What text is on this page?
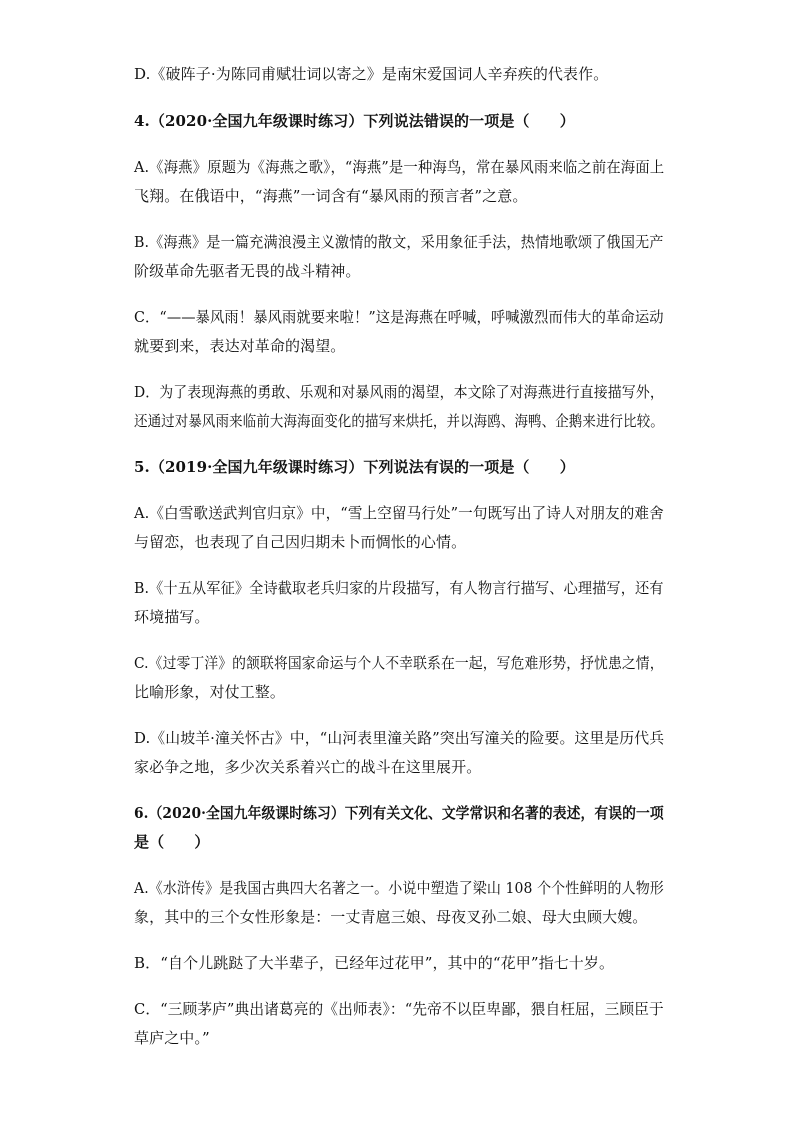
D.《破阵子·为陈同甫赋壮词以寄之》是南宋爱国词人辛弃疾的代表作。
4.（2020·全国九年级课时练习）下列说法错误的一项是（　　）
A.《海燕》原题为《海燕之歌》，“海燕”是一种海鸟，常在暴风雨来临之前在海面上
飞翔。在俄语中，“海燕”一词含有“暴风雨的预言者”之意。
B.《海燕》是一篇充满浪漫主义激情的散文，采用象征手法，热情地歌颂了俄国无产
阶级革命先驱者无畏的战斗精神。
C．“——暴风雨！暴风雨就要来啦！”这是海燕在呼喊，呼喊激烈而伟大的革命运动
就要到来，表达对革命的渴望。
D．为了表现海燕的勇敢、乐观和对暴风雨的渴望，本文除了对海燕进行直接描写外，
还通过对暴风雨来临前大海海面变化的描写来烘托，并以海鸥、海鸭、企鹅来进行比较。
5.（2019·全国九年级课时练习）下列说法有误的一项是（　　）
A.《白雪歌送武判官归京》中，“雪上空留马行处”一句既写出了诗人对朋友的难舍
与留恋，也表现了自己因归期未卜而惆怅的心情。
B.《十五从军征》全诗截取老兵归家的片段描写，有人物言行描写、心理描写，还有
环境描写。
C.《过零丁洋》的颔联将国家命运与个人不幸联系在一起，写危难形势，抒忧患之情，
比喻形象，对仗工整。
D.《山坡羊·潼关怀古》中，“山河表里潼关路”突出写潼关的险要。这里是历代兵
家必争之地，多少次关系着兴亡的战斗在这里展开。
6.（2020·全国九年级课时练习）下列有关文化、文学常识和名著的表述，有误的一项
是（　　）
A.《水浒传》是我国古典四大名著之一。小说中塑造了梁山 108 个个性鲜明的人物形
象，其中的三个女性形象是：一丈青扈三娘、母夜叉孙二娘、母大虫顾大嫂。
B．“自个儿跳跶了大半辈子，已经年过花甲”，其中的“花甲”指七十岁。
C．“三顾茅庐”典出诸葛亮的《出师表》：“先帝不以臣卑鄙，猥自枉屈，三顾臣于
草庐之中。”
